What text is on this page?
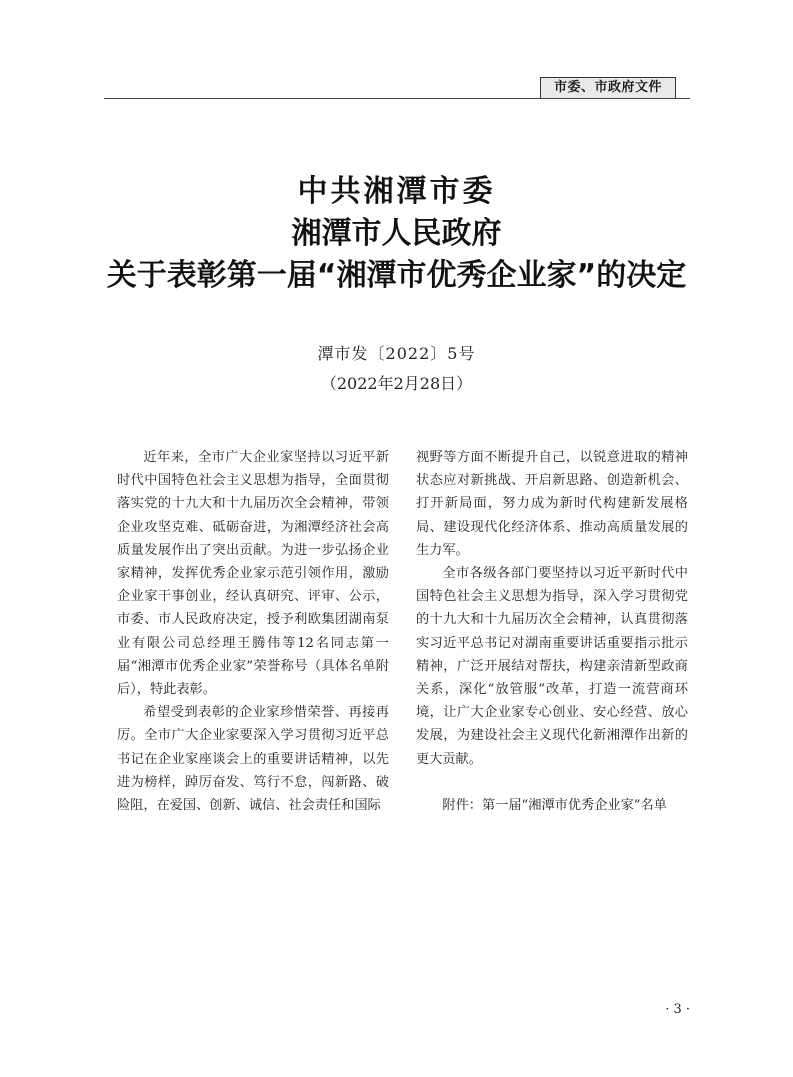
市委、市政府文件
中共湘潭市委
湘潭市人民政府
关于表彰第一届“湘潭市优秀企业家”的决定
潭市发〔2022〕5号
（2022年2月28日）

近年来，全市广大企业家坚持以习近平新时代中国特色社会主义思想为指导，全面贯彻落实党的十九大和十九届历次全会精神，带领企业攻坚克难、砥砺奋进，为湘潭经济社会高质量发展作出了突出贡献。为进一步弘扬企业家精神，发挥优秀企业家示范引领作用，激励企业家干事创业，经认真研究、评审、公示，市委、市人民政府决定，授予利欧集团湖南泵业有限公司总经理王腾伟等12名同志第一届“湘潭市优秀企业家”荣誉称号（具体名单附后），特此表彰。

希望受到表彰的企业家珍惜荣誉、再接再厉。全市广大企业家要深入学习贯彻习近平总书记在企业家座谈会上的重要讲话精神，以先进为榜样，踔厉奋发、笃行不怠，闯新路、破险阻，在爱国、创新、诚信、社会责任和国际

视野等方面不断提升自己，以锐意进取的精神状态应对新挑战、开启新思路、创造新机会、打开新局面，努力成为新时代构建新发展格局、建设现代化经济体系、推动高质量发展的生力军。

全市各级各部门要坚持以习近平新时代中国特色社会主义思想为指导，深入学习贯彻党的十九大和十九届历次全会精神，认真贯彻落实习近平总书记对湖南重要讲话重要指示批示精神，广泛开展结对帮扶，构建亲清新型政商关系，深化“放管服”改革，打造一流营商环境，让广大企业家专心创业、安心经营、放心发展，为建设社会主义现代化新湘潭作出新的更大贡献。

附件：第一届“湘潭市优秀企业家”名单

· 3 ·
